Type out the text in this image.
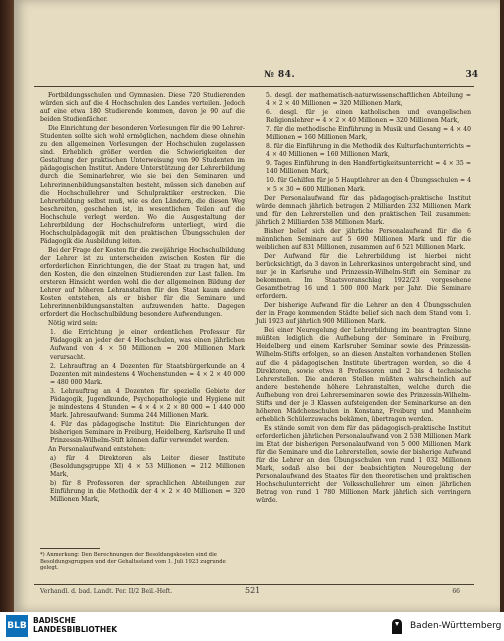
№ 84.	34

Fortbildungsschulen und Gymnasien. Diese 720 Studierenden würden sich auf die 4 Hochschulen des Landes verteilen. Jedoch auf eine etwa 180 Studierende kommen, davon je 90 auf die beiden Studienfächer.

Die Einrichtung der besonderen Vorlesungen für die 90 Lehrer-Studenten sollte sich wohl ermöglichen, nachdem diese ohnehin zu den allgemeinen Vorlesungen der Hochschulen zugelassen sind. Erheblich größer werden die Schwierigkeiten der Gestaltung der praktischen Unterweisung von 90 Studenten im pädagogischen Institut. Andere Unterstützung der Lehrerbildung durch die Seminarlehrer, wie sie bei den Seminaren und Lehrerinnenbildungsanstalten besteht, müssen sich daneben auf die Hochschullehrer und Schulpraktiker erstrecken. Die Lehrerbildung selbst muß, wie es den Ländern, die diesen Weg beschreiten, geschehen ist, in wesentlichen Teilen auf die Hochschule verlegt werden. Wo die Ausgestaltung der Lehrerbildung der Hochschulreform unterliegt, wird die Hochschulpädagogik mit den praktischen Übungsschulen der Pädagogik die Ausbildung leiten.

Bei der Frage der Kosten für die zweijährige Hochschulbildung der Lehrer ist zu unterscheiden zwischen Kosten für die erforderlichen Einrichtungen, die der Staat zu tragen hat, und den Kosten, die den einzelnen Studierenden zur Last fallen. Im ersteren Hinsicht werden wohl die der allgemeinen Bildung der Lehrer auf höheren Lehranstalten für den Staat kaum andere Kosten entstehen, als er bisher für die Seminare und Lehrerinnenbildungsanstalten aufzuwenden hatte. Dagegen erfordert die Hochschulbildung besondere Aufwendungen.

Nötig wird sein:

1. die Errichtung je einer ordentlichen Professur für Pädagogik an jeder der 4 Hochschulen, was einen jährlichen Aufwand von 4 × 50 Millionen = 200 Millionen Mark verursacht.

2. Lehrauftrag an 4 Dozenten für Staatsbürgerkunde an 4 Dozenten mit mindestens 4 Wochenstunden = 4 × 2 × 40 000 = 480 000 Mark.

3. Lehrauftrag an 4 Dozenten für spezielle Gebiete der Pädagogik, Jugendkunde, Psychopathologie und Hygiene mit je mindestens 4 Stunden = 4 × 4 × 2 × 80 000 = 1 440 000 Mark. Jahresaufwand: Summa 244 Millionen Mark.

4. Für das pädagogische Institut: Die Einrichtungen der bisherigen Seminare in Freiburg, Heidelberg, Karlsruhe II und Prinzessin-Wilhelm-Stift können dafür verwendet werden.

An Personalaufwand entstehen:

a) für 4 Direktoren als Leiter dieser Institute (Besoldungsgruppe XI) 4 × 53 Millionen = 212 Millionen Mark,

b) für 8 Professoren der sprachlichen Abteilungen zur Einführung in die Methodik der 4 × 2 × 40 Millionen = 320 Millionen Mark,

5. desgl. der mathematisch-naturwissenschaftlichen Abteilung = 4 × 2 × 40 Millionen = 320 Millionen Mark,

6. desgl. für je einen katholischen und evangelischen Religionslehrer = 4 × 2 × 40 Millionen = 320 Millionen Mark,

7. für die methodische Einführung in Musik und Gesang = 4 × 40 Millionen = 160 Millionen Mark,

8. für die Einführung in die Methodik des Kulturfachunterrichts = 4 × 40 Millionen = 160 Millionen Mark,

9. Tages Einführung in den Handfertigkeitsunterricht = 4 × 35 = 140 Millionen Mark,

10. für Gehilfen für je 5 Hauptlehrer an den 4 Übungsschulen = 4 × 5 × 30 = 600 Millionen Mark.

Der Personalaufwand für das pädagogisch-praktische Institut würde demnach jährlich betragen 2 Milliarden 232 Millionen Mark und für den Lehrerstellen und den praktischen Teil zusammen: jährlich 2 Milliarden 538 Millionen Mark.

Bisher belief sich der jährliche Personalaufwand für die 6 männlichen Seminare auf 5 690 Millionen Mark und für die weiblichen auf 831 Millionen, zusammen auf 6 521 Millionen Mark.

Der Aufwand für die Lehrerbildung ist hierbei nicht berücksichtigt, da 3 davon in Lehrerkasinos untergebracht sind, und nur je in Karlsruhe und Prinzessin-Wilhelm-Stift ein Seminar zu bekommen. Im Staatsvoranschlag 1922/23 vorgesehene Gesamtbetrag 16 und 1 500 000 Mark per Jahr. Die Seminare erfordern.

Der bisherige Aufwand für die Lehrer an den 4 Übungsschulen der in Frage kommenden Städte belief sich nach dem Stand vom 1. Juli 1923 auf jährlich 900 Millionen Mark.

Bei einer Neuregelung der Lehrerbildung im beantragten Sinne müßten lediglich die Aufhebung der Seminare in Freiburg, Heidelberg und einem Karlsruher Seminar sowie des Prinzessin-Wilhelm-Stifts erfolgen, so an diesen Anstalten vorhandenen Stellen auf die 4 pädagogischen Institute übertragen werden, so die 4 Direktoren, sowie etwa 8 Professoren und 2 bis 4 technische Lehrerstellen. Die anderen Stellen müßten wahrscheinlich auf andere bestehende höhere Lehranstalten, welche durch die Aufhebung von drei Lehrerseminaren sowie des Prinzessin-Wilhelm-Stifts und der je 3 Klassen aufsteigenden der Seminarkurse an den höheren Mädchenschulen in Konstanz, Freiburg und Mannheim erheblich Schülerzuwachs bekämen, übertragen werden.

Es stände somit von dem für das pädagogisch-praktische Institut erforderlichen jährlichen Personalaufwand von 2 538 Millionen Mark im Etat der bisherigen Personalaufwand von 5 000 Millionen Mark für die Seminare und die Lehrerstellen, sowie der bisherige Aufwand für die Lehrer an den Übungsschulen von rund 1 032 Millionen Mark, sodaß also bei der beabsichtigten Neuregelung der Personalaufwand des Staates für den theoretischen und praktischen Hochschulunterricht der Volksschullehrer um einen jährlichen Betrag von rund 1 780 Millionen Mark jährlich sich verringern würde.

*) Anmerkung: Den Berechnungen der Besoldungskosten sind die Besoldungsgruppen und der Gehaltsstand vom 1. Juli 1923 zugrunde gelegt.
Verhandl. d. bad. Landt. Per. II/2 Beil.-Heft.	521	66
BLB
BADISCHE
LANDESBIBLIOTHEK	Baden-Württemberg
